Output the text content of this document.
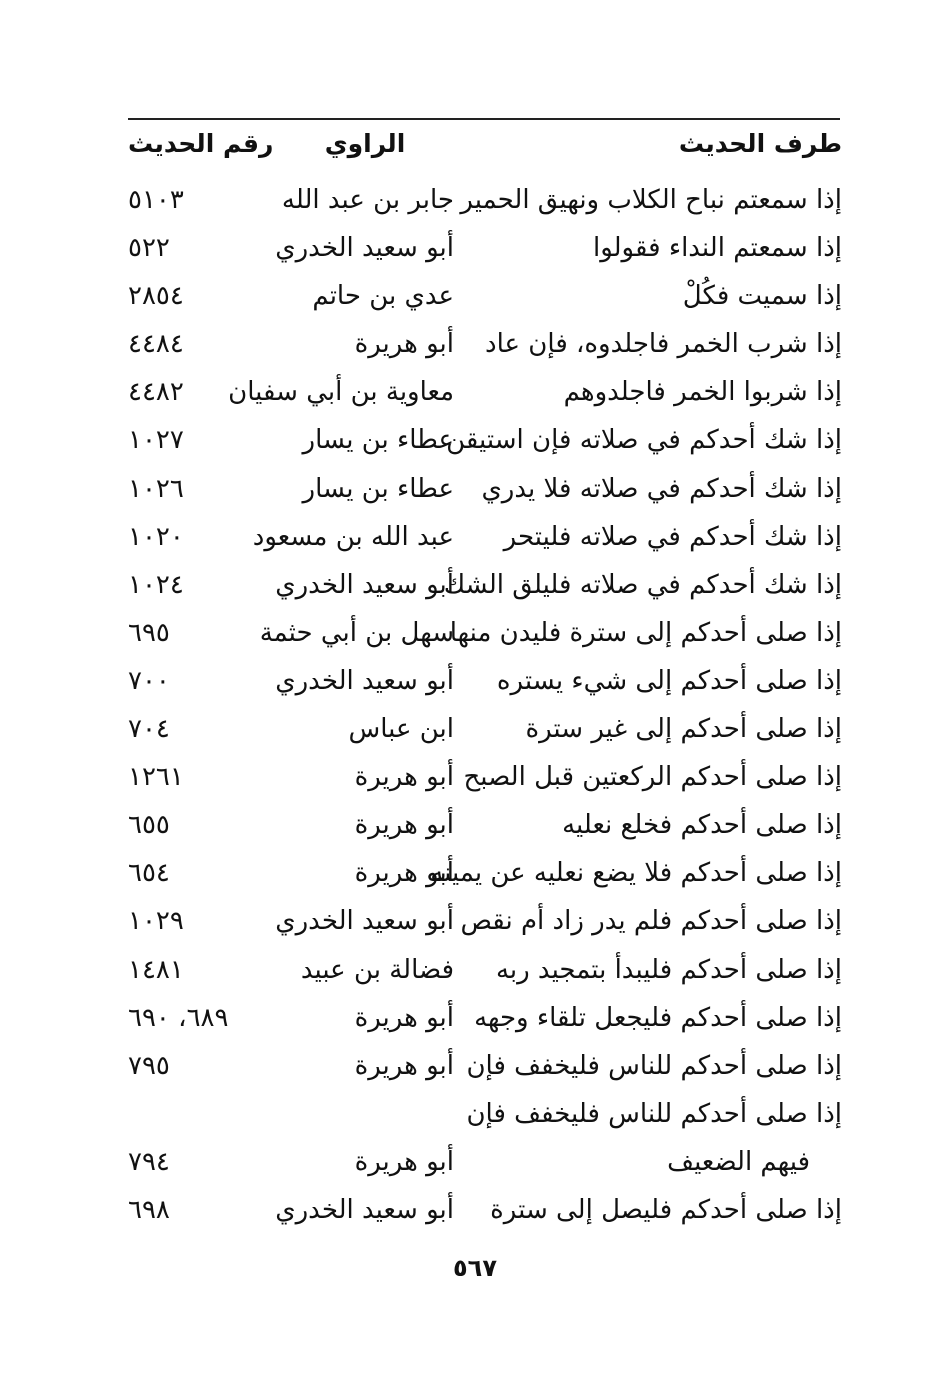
طرف الحديث
الراوي
رقم الحديث
إذا سمعتم نباح الكلاب ونهيق الحمير
جابر بن عبد الله
٥١٠٣
إذا سمعتم النداء فقولوا
أبو سعيد الخدري
٥٢٢
إذا سميت فكُلْ
عدي بن حاتم
٢٨٥٤
إذا شرب الخمر فاجلدوه، فإن عاد
أبو هريرة
٤٤٨٤
إذا شربوا الخمر فاجلدوهم
معاوية بن أبي سفيان
٤٤٨٢
إذا شك أحدكم في صلاته فإن استيقن
عطاء بن يسار
١٠٢٧
إذا شك أحدكم في صلاته فلا يدري
عطاء بن يسار
١٠٢٦
إذا شك أحدكم في صلاته فليتحر
عبد الله بن مسعود
١٠٢٠
إذا شك أحدكم في صلاته فليلق الشك
أبو سعيد الخدري
١٠٢٤
إذا صلى أحدكم إلى سترة فليدن منها
سهل بن أبي حثمة
٦٩٥
إذا صلى أحدكم إلى شيء يستره
أبو سعيد الخدري
٧٠٠
إذا صلى أحدكم إلى غير سترة
ابن عباس
٧٠٤
إذا صلى أحدكم الركعتين قبل الصبح
أبو هريرة
١٢٦١
إذا صلى أحدكم فخلع نعليه
أبو هريرة
٦٥٥
إذا صلى أحدكم فلا يضع نعليه عن يمينه
أبو هريرة
٦٥٤
إذا صلى أحدكم فلم يدر زاد أم نقص
أبو سعيد الخدري
١٠٢٩
إذا صلى أحدكم فليبدأ بتمجيد ربه
فضالة بن عبيد
١٤٨١
إذا صلى أحدكم فليجعل تلقاء وجهه
أبو هريرة
٦٨٩، ٦٩٠
إذا صلى أحدكم للناس فليخفف فإن
أبو هريرة
٧٩٥
إذا صلى أحدكم للناس فليخفف فإن
فيهم الضعيف
أبو هريرة
٧٩٤
إذا صلى أحدكم فليصل إلى سترة
أبو سعيد الخدري
٦٩٨
٥٦٧
